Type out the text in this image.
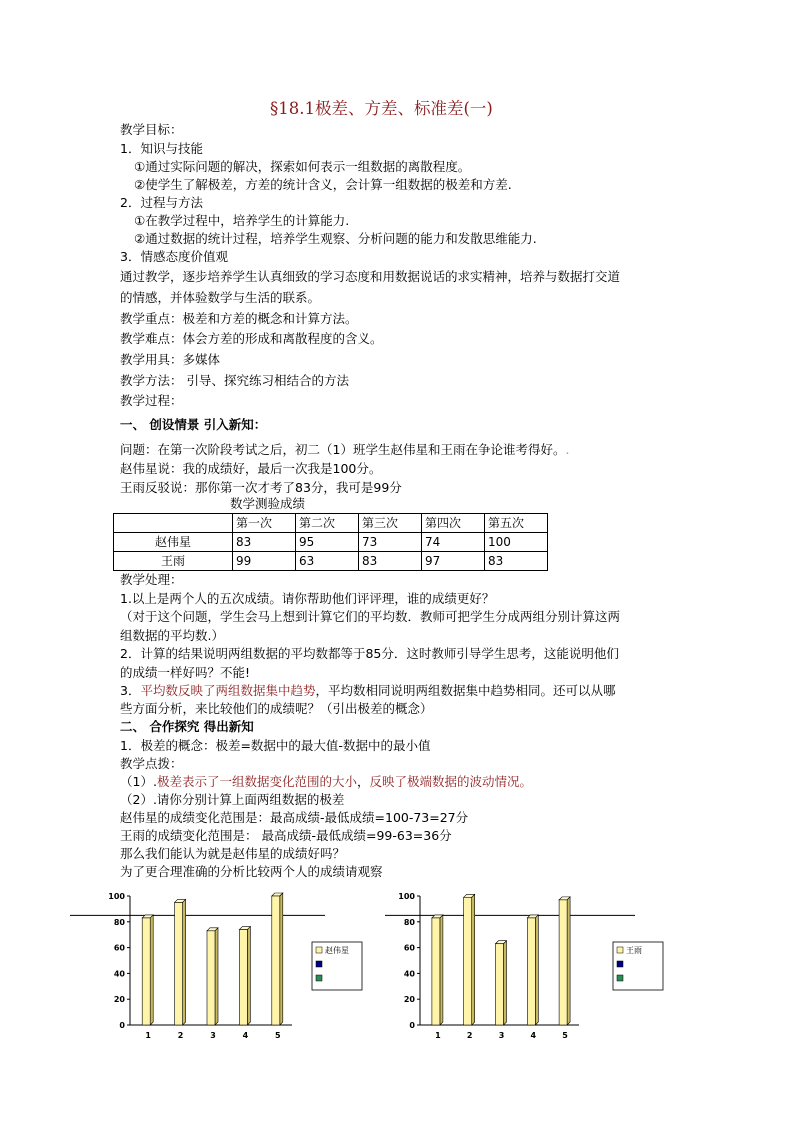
§18.1极差、方差、标准差(一)
教学目标：
1．知识与技能
①通过实际问题的解决，探索如何表示一组数据的离散程度。
②使学生了解极差，方差的统计含义，会计算一组数据的极差和方差.
2．过程与方法
①在教学过程中，培养学生的计算能力.
②通过数据的统计过程，培养学生观察、分析问题的能力和发散思维能力.
3．情感态度价值观
通过教学，逐步培养学生认真细致的学习态度和用数据说话的求实精神，培养与数据打交道
的情感，并体验数学与生活的联系。
教学重点：极差和方差的概念和计算方法。
教学难点：体会方差的形成和离散程度的含义。
教学用具：多媒体
教学方法： 引导、探究练习相结合的方法
教学过程：
一、 创设情景 引入新知：
问题：在第一次阶段考试之后，初二（1）班学生赵伟星和王雨在争论谁考得好。.
赵伟星说：我的成绩好，最后一次我是100分。
王雨反驳说：那你第一次才考了83分，我可是99分
数学测验成绩
	第一次	第二次	第三次	第四次	第五次
赵伟星	83	95	73	74	100
王雨	99	63	83	97	83
教学处理：
1.以上是两个人的五次成绩。请你帮助他们评评理，谁的成绩更好？
（对于这个问题，学生会马上想到计算它们的平均数．教师可把学生分成两组分别计算这两
组数据的平均数.）
2．计算的结果说明两组数据的平均数都等于85分．这时教师引导学生思考，这能说明他们
的成绩一样好吗？不能!
3．平均数反映了两组数据集中趋势，平均数相同说明两组数据集中趋势相同。还可以从哪
些方面分析，来比较他们的成绩呢？（引出极差的概念）
二、 合作探究 得出新知
1．极差的概念：极差=数据中的最大值-数据中的最小值
教学点拨：
（1）.极差表示了一组数据变化范围的大小，反映了极端数据的波动情况。
（2）.请你分别计算上面两组数据的极差
赵伟星的成绩变化范围是：最高成绩-最低成绩=100-73=27分
王雨的成绩变化范围是： 最高成绩-最低成绩=99-63=36分
那么我们能认为就是赵伟星的成绩好吗？
为了更合理准确的分析比较两个人的成绩请观察
0
20
40
60
80
100
1	2	3	4	5
赵伟星
0
20
40
60
80
100
1	2	3	4	5
王雨
